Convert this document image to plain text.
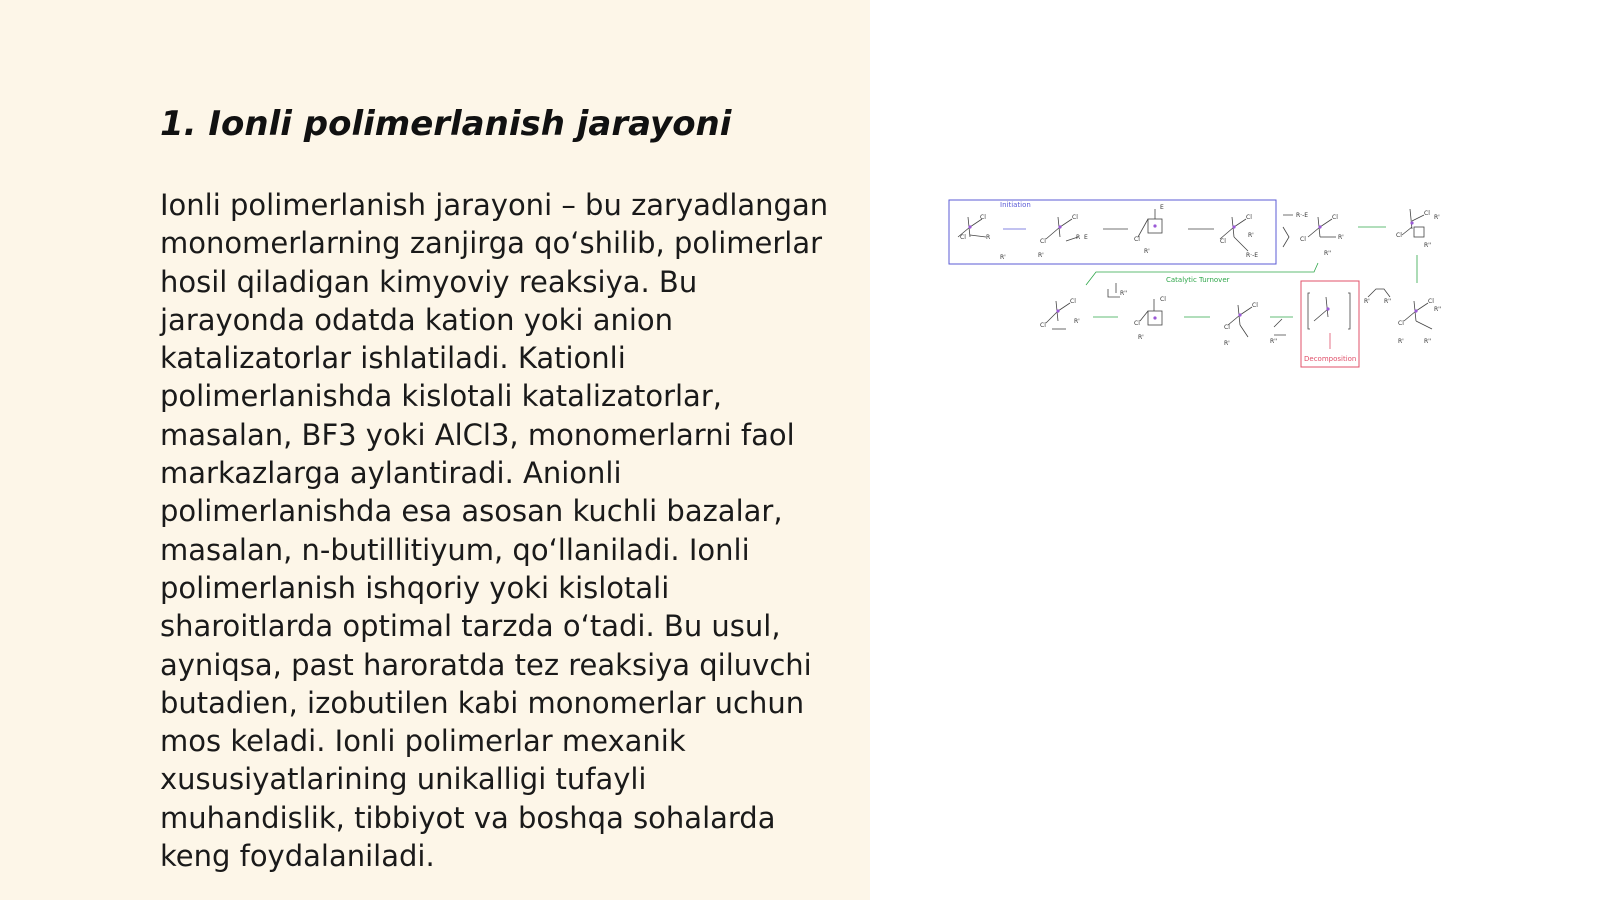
1. Ionli polimerlanish jarayoni

Ionli polimerlanish jarayoni – bu zaryadlangan monomerlarning zanjirga qo‘shilib, polimerlar hosil qiladigan kimyoviy reaksiya. Bu jarayonda odatda kation yoki anion katalizatorlar ishlatiladi. Kationli polimerlanishda kislotali katalizatorlar, masalan, BF3 yoki AlCl3, monomerlarni faol markazlarga aylantiradi. Anionli polimerlanishda esa asosan kuchli bazalar, masalan, n-butillitiyum, qo‘llaniladi. Ionli polimerlanish ishqoriy yoki kislotali sharoitlarda optimal tarzda o‘tadi. Bu usul, ayniqsa, past haroratda tez reaksiya qiluvchi butadien, izobutilen kabi monomerlar uchun mos keladi. Ionli polimerlar mexanik xususiyatlarining unikalligi tufayli muhandislik, tibbiyot va boshqa sohalarda keng foydalaniladi.

Initiation
Cl
Cl
R
R'
Cl
Cl
R E
R'
E
Cl
R'
Cl
Cl
R'
R·-E
R·-E
Cl
Cl
R'
R''
Cl
Cl
R'
R''
Catalytic Turnover
Decomposition
R' R''
Cl
Cl
R''
R'	R''
R''
Cl
Cl
R'
Cl
Cl
R'
R''
Cl
Cl
R'
